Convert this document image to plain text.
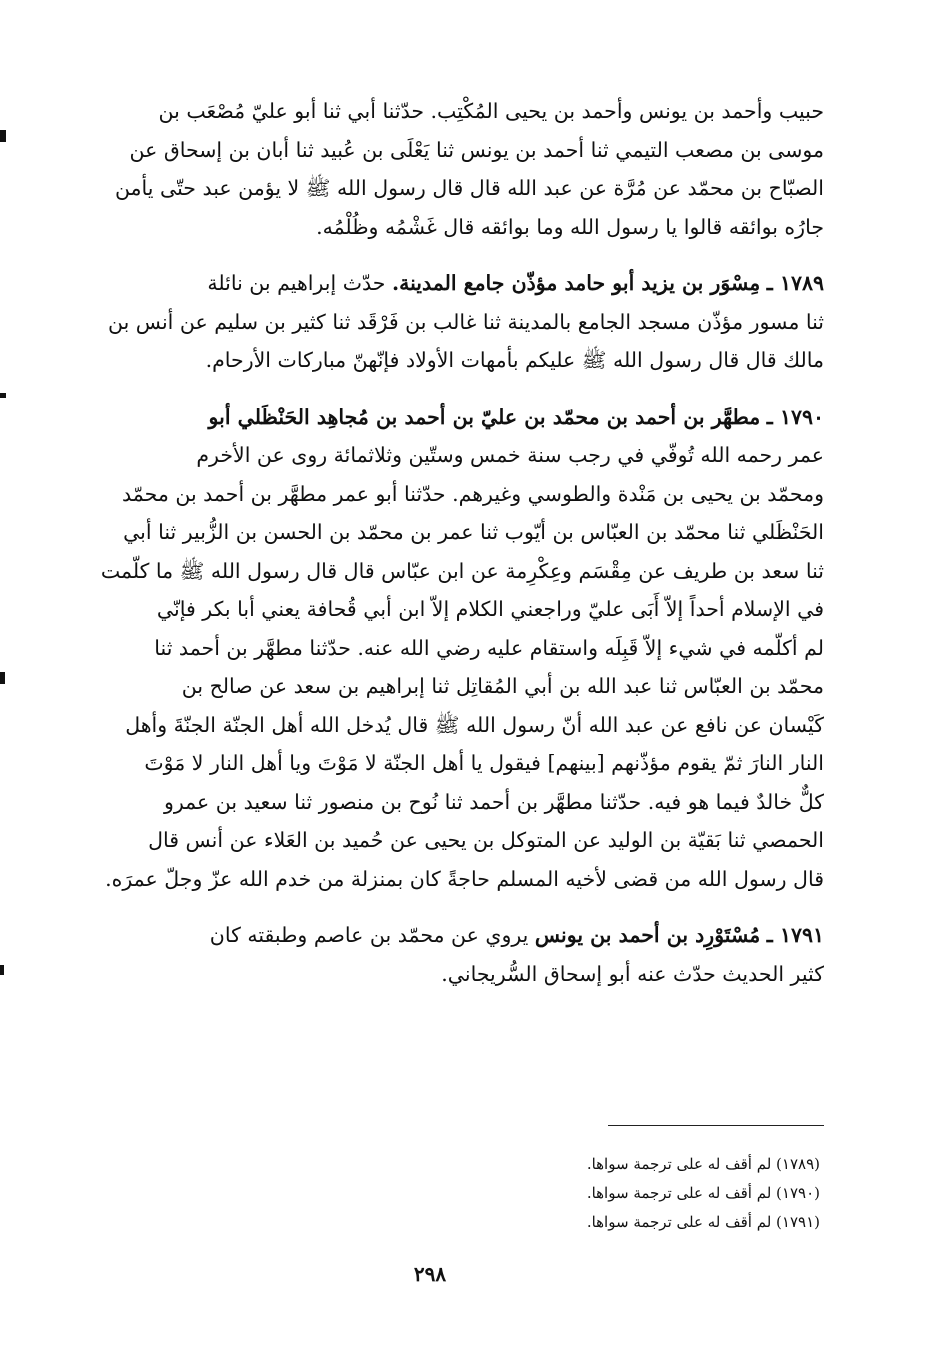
حبيب وأحمد بن يونس وأحمد بن يحيى المُكْتِب. حدّثنا أبي ثنا أبو عليّ مُصْعَب بن
موسى بن مصعب التيمي ثنا أحمد بن يونس ثنا يَعْلَى بن عُبيد ثنا أبان بن إسحاق عن
الصبّاح بن محمّد عن مُرَّة عن عبد الله قال قال رسول الله ﷺ لا يؤمن عبد حتّى يأمن
جارُه بوائقه قالوا يا رسول الله وما بوائقه قال غَشْمُه وظُلْمُه.

١٧٨٩ ـ مِسْوَر بن يزيد أبو حامد مؤذّن جامع المدينة. حدّث إبراهيم بن نائلة
ثنا مسور مؤذّن مسجد الجامع بالمدينة ثنا غالب بن فَرْقَد ثنا كثير بن سليم عن أنس بن
مالك قال قال رسول الله ﷺ عليكم بأمهات الأولاد فإنّهنّ مباركات الأرحام.

١٧٩٠ ـ مطهَّر بن أحمد بن محمّد بن عليّ بن أحمد بن مُجاهِد الحَنْظَلي أبو
عمر رحمه الله تُوفّي في رجب سنة خمس وستّين وثلاثمائة روى عن الأخرم
ومحمّد بن يحيى بن مَنْدة والطوسي وغيرهم. حدّثنا أبو عمر مطهَّر بن أحمد بن محمّد
الحَنْظَلي ثنا محمّد بن العبّاس بن أيّوب ثنا عمر بن محمّد بن الحسن بن الزُّبير ثنا أبي
ثنا سعد بن طريف عن مِقْسَم وعِكْرِمة عن ابن عبّاس قال قال رسول الله ﷺ ما كلّمت
في الإسلام أحداً إلاّ أَبَى عليّ وراجعني الكلام إلاّ ابن أبي قُحافة يعني أبا بكر فإنّي
لم أكلّمه في شيء إلاّ قَبِلَه واستقام عليه رضي الله عنه. حدّثنا مطهَّر بن أحمد ثنا
محمّد بن العبّاس ثنا عبد الله بن أبي المُقاتِل ثنا إبراهيم بن سعد عن صالح بن
كَيْسان عن نافع عن عبد الله أنّ رسول الله ﷺ قال يُدخل الله أهل الجنّة الجنّةَ وأهل
النار النارَ ثمّ يقوم مؤذّنهم [بينهم] فيقول يا أهل الجنّة لا مَوْتَ ويا أهل النار لا مَوْتَ
كلٌّ خالدٌ فيما هو فيه. حدّثنا مطهَّر بن أحمد ثنا نُوح بن منصور ثنا سعيد بن عمرو
الحمصي ثنا بَقيّة بن الوليد عن المتوكل بن يحيى عن حُميد بن العَلاء عن أنس قال
قال رسول الله من قضى لأخيه المسلم حاجةً كان بمنزلة من خدم الله عزّ وجلّ عمرَه.

١٧٩١ ـ مُسْتَوْرِد بن أحمد بن يونس يروي عن محمّد بن عاصم وطبقته كان
كثير الحديث حدّث عنه أبو إسحاق السُّريجاني.

(١٧٨٩) لم أقف له على ترجمة سواها.
(١٧٩٠) لم أقف له على ترجمة سواها.
(١٧٩١) لم أقف له على ترجمة سواها.
٢٩٨
